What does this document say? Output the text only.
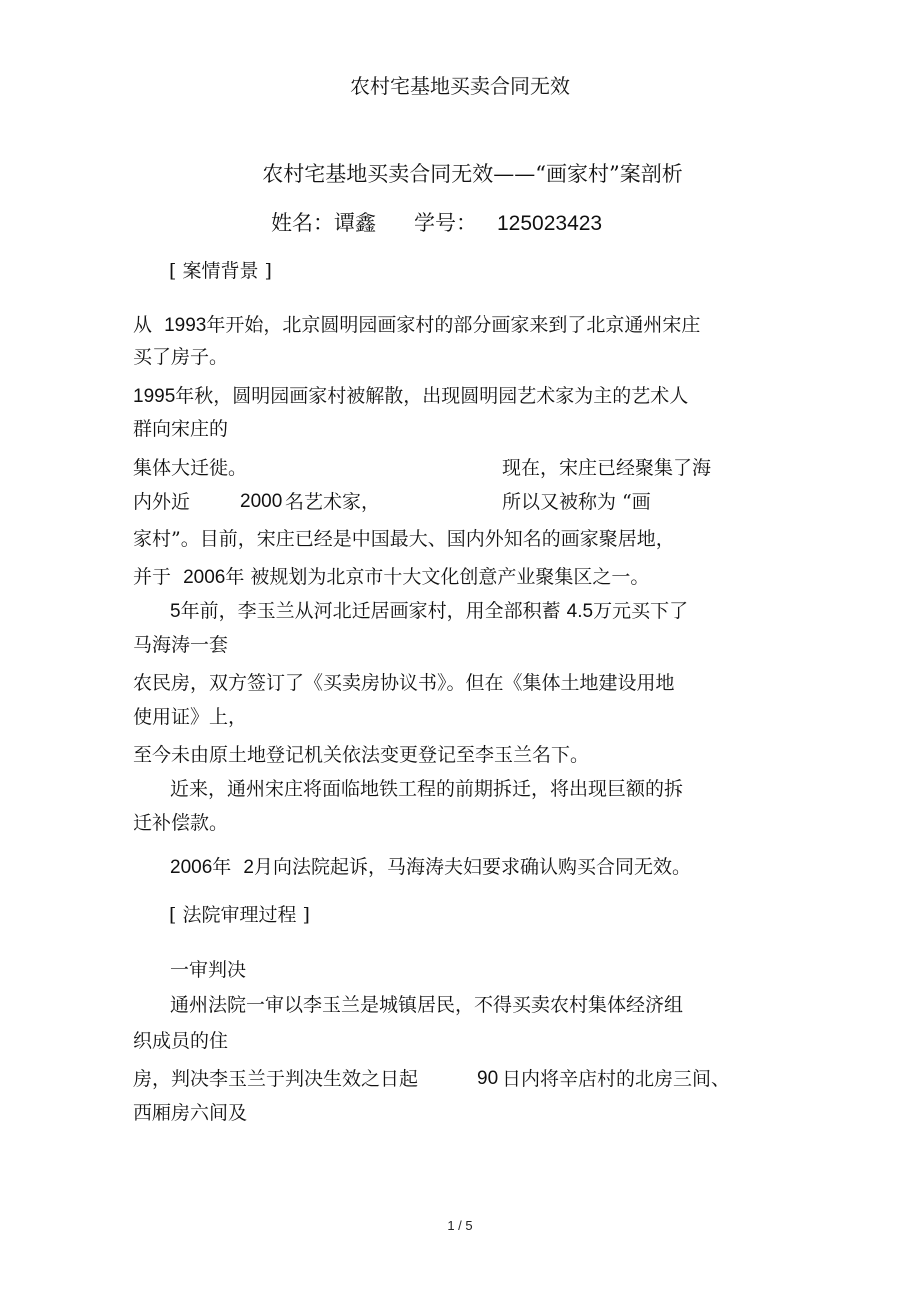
农村宅基地买卖合同无效
农村宅基地买卖合同无效——“画家村”案剖析
姓名：谭鑫 学号： 125023423
[ 案情背景 ]
从 1993年开始，北京圆明园画家村的部分画家来到了北京通州宋庄
买了房子。
1995年秋，圆明园画家村被解散，出现圆明园艺术家为主的艺术人
群向宋庄的
集体大迁徙。	现在，宋庄已经聚集了海
内外近	2000 名艺术家，	所以又被称为 “画
家村”。目前，宋庄已经是中国最大、国内外知名的画家聚居地，
并于 2006年 被规划为北京市十大文化创意产业聚集区之一。
5年前，李玉兰从河北迁居画家村，用全部积蓄 4.5万元买下了
马海涛一套
农民房，双方签订了《买卖房协议书》。但在《集体土地建设用地
使用证》上，
至今未由原土地登记机关依法变更登记至李玉兰名下。
近来，通州宋庄将面临地铁工程的前期拆迁，将出现巨额的拆
迁补偿款。
2006年 2月向法院起诉，马海涛夫妇要求确认购买合同无效。
[ 法院审理过程 ]
一审判决
通州法院一审以李玉兰是城镇居民，不得买卖农村集体经济组
织成员的住
房，判决李玉兰于判决生效之日起	90 日内将辛店村的北房三间、
西厢房六间及
1 / 5
